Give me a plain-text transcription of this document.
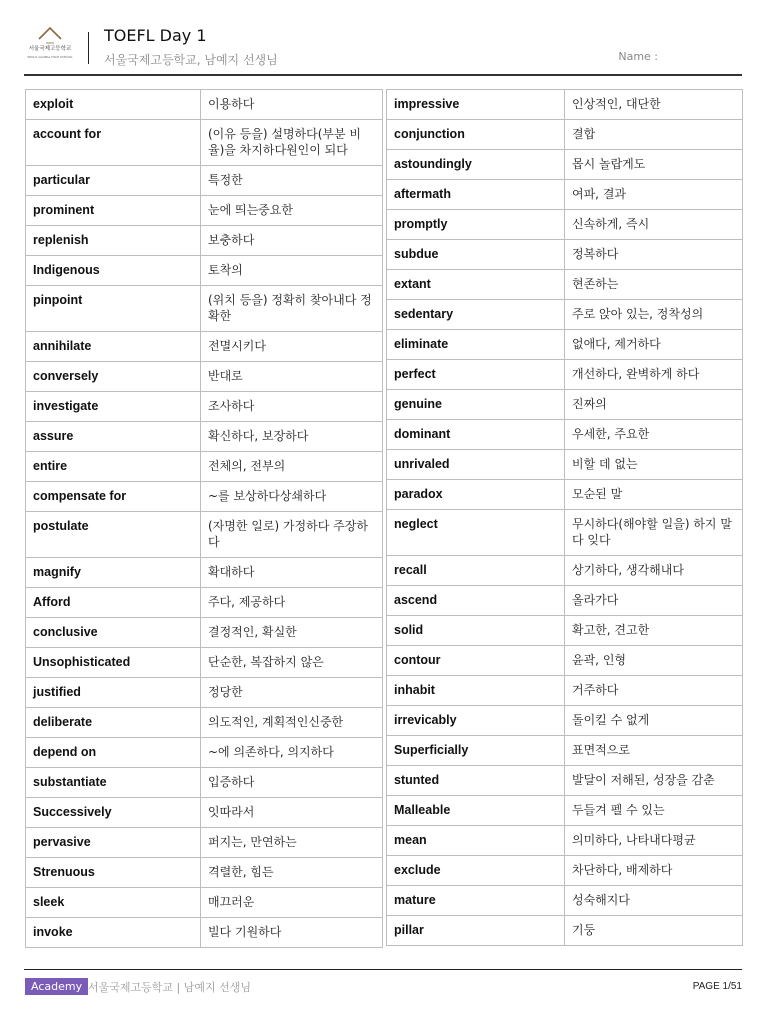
서울국제고등학교
SEOUL GLOBAL HIGH SCHOOL
TOEFL Day 1
서울국제고등학교, 남예지 선생님	Name :
exploit	이용하다
account for	(이유 등을) 설명하다(부분 비율)을 차지하다원인이 되다
particular	특정한
prominent	눈에 띄는중요한
replenish	보충하다
Indigenous	토착의
pinpoint	(위치 등을) 정확히 찾아내다 정확한
annihilate	전멸시키다
conversely	반대로
investigate	조사하다
assure	확신하다, 보장하다
entire	전체의, 전부의
compensate for	~를 보상하다상쇄하다
postulate	(자명한 일로) 가정하다 주장하다
magnify	확대하다
Afford	주다, 제공하다
conclusive	결정적인, 확실한
Unsophisticated	단순한, 복잡하지 않은
justified	정당한
deliberate	의도적인, 계획적인신중한
depend on	~에 의존하다, 의지하다
substantiate	입증하다
Successively	잇따라서
pervasive	퍼지는, 만연하는
Strenuous	격렬한, 힘든
sleek	매끄러운
invoke	빌다 기원하다
impressive	인상적인, 대단한
conjunction	결합
astoundingly	몹시 놀랍게도
aftermath	여파, 결과
promptly	신속하게, 즉시
subdue	정복하다
extant	현존하는
sedentary	주로 앉아 있는, 정착성의
eliminate	없애다, 제거하다
perfect	개선하다, 완벽하게 하다
genuine	진짜의
dominant	우세한, 주요한
unrivaled	비할 데 없는
paradox	모순된 말
neglect	무시하다(해야할 일을) 하지 말다 잊다
recall	상기하다, 생각해내다
ascend	올라가다
solid	확고한, 견고한
contour	윤곽, 인형
inhabit	거주하다
irrevicably	돌이킬 수 없게
Superficially	표면적으로
stunted	발달이 저해된, 성장을 감춘
Malleable	두들겨 펠 수 있는
mean	의미하다, 나타내다평균
exclude	차단하다, 배제하다
mature	성숙해지다
pillar	기둥
Academy 서울국제고등학교 | 남예지 선생님	PAGE 1/51
